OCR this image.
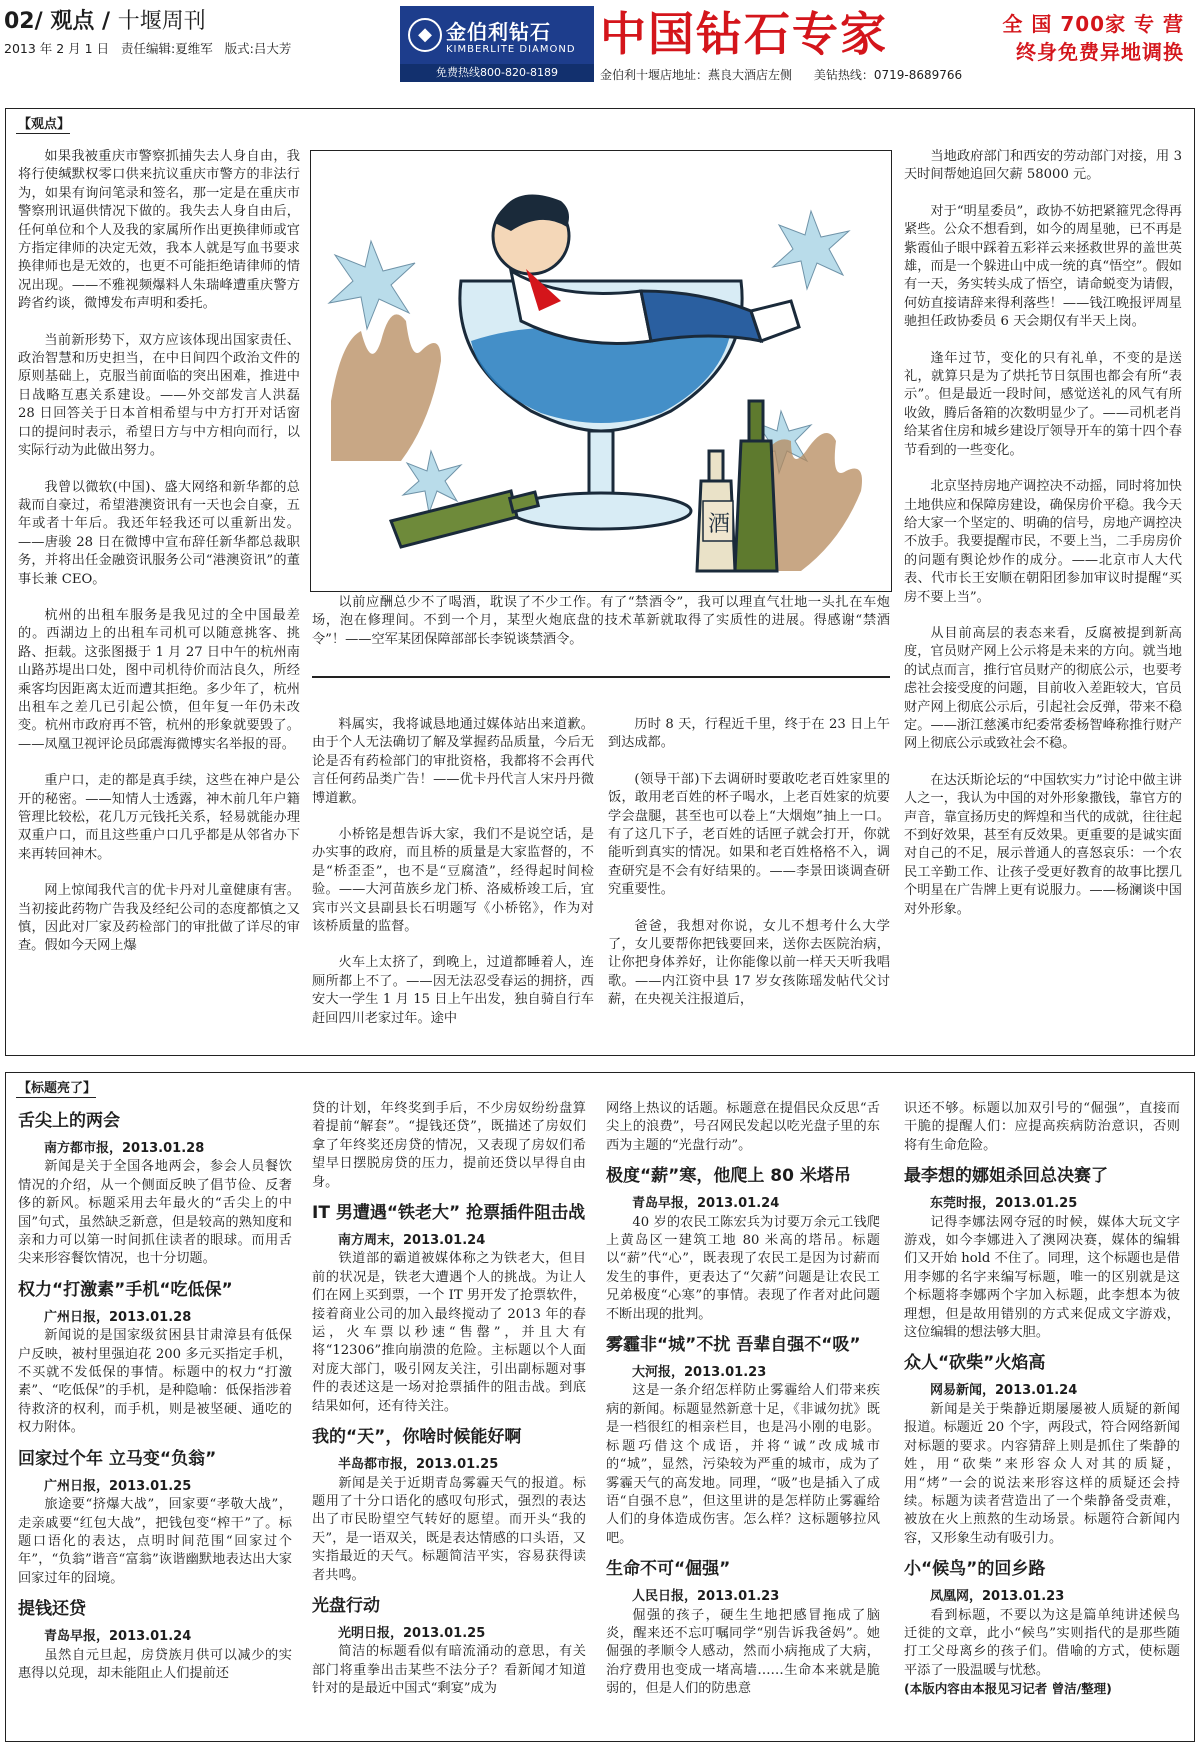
02/ 观点 / 十堰周刊
2013 年 2 月 1 日 责任编辑:夏维军 版式:吕大芳
◆ 金伯利钻石
KIMBERLITE DIAMOND
免费热线800-820-8189
中国钻石专家	全 国 700家 专 营
终身免费异地调换
金伯利十堰店地址：燕良大酒店左侧 美钻热线：0719-8689766
【观点】

如果我被重庆市警察抓捕失去人身自由，我将行使缄默权零口供来抗议重庆市警方的非法行为，如果有询问笔录和签名，那一定是在重庆市警察刑讯逼供情况下做的。我失去人身自由后，任何单位和个人及我的家属所作出更换律师或官方指定律师的决定无效，我本人就是写血书要求换律师也是无效的，也更不可能拒绝请律师的情况出现。——不雅视频爆料人朱瑞峰遭重庆警方跨省约谈，微博发布声明和委托。

当前新形势下，双方应该体现出国家责任、政治智慧和历史担当，在中日间四个政治文件的原则基础上，克服当前面临的突出困难，推进中日战略互惠关系建设。——外交部发言人洪磊 28 日回答关于日本首相希望与中方打开对话窗口的提问时表示，希望日方与中方相向而行，以实际行动为此做出努力。

我曾以微软(中国)、盛大网络和新华都的总裁而自豪过，希望港澳资讯有一天也会自豪，五年或者十年后。我还年轻我还可以重新出发。——唐骏 28 日在微博中宣布辞任新华都总裁职务，并将出任金融资讯服务公司“港澳资讯”的董事长兼 CEO。

杭州的出租车服务是我见过的全中国最差的。西湖边上的出租车司机可以随意挑客、挑路、拒载。这张图摄于 1 月 27 日中午的杭州南山路苏堤出口处，图中司机待价而沽良久，所经乘客均因距离太近而遭其拒绝。多少年了，杭州出租车之差几已引起公愤，但年复一年仍未改变。杭州市政府再不管，杭州的形象就要毁了。——凤凰卫视评论员邱震海微博实名举报的哥。

重户口，走的都是真手续，这些在神户是公开的秘密。——知情人士透露，神木前几年户籍管理比较松，花几万元钱托关系，轻易就能办理双重户口，而且这些重户口几乎都是从邻省办下来再转回神木。

网上惊闻我代言的优卡丹对儿童健康有害。当初接此药物广告我及经纪公司的态度都慎之又慎，因此对厂家及药检部门的审批做了详尽的审查。假如今天网上爆

酒
以前应酬总少不了喝酒，耽误了不少工作。有了“禁酒令”，我可以理直气壮地一头扎在车炮场，泡在修理间。不到一个月，某型火炮底盘的技术革新就取得了实质性的进展。得感谢“禁酒令”！——空军某团保障部部长李锐谈禁酒令。

料属实，我将诚恳地通过媒体站出来道歉。由于个人无法确切了解及掌握药品质量，今后无论是否有药检部门的审批资格，我都将不会再代言任何药品类广告！——优卡丹代言人宋丹丹微博道歉。

小桥铭是想告诉大家，我们不是说空话，是办实事的政府，而且桥的质量是大家监督的，不是“桥歪歪”，也不是“豆腐渣”，经得起时间检验。——大河苗族乡龙门桥、洛威桥竣工后，宜宾市兴文县副县长石明题写《小桥铭》，作为对该桥质量的监督。

火车上太挤了，到晚上，过道都睡着人，连厕所都上不了。——因无法忍受春运的拥挤，西安大一学生 1 月 15 日上午出发，独自骑自行车赶回四川老家过年。途中

历时 8 天，行程近千里，终于在 23 日上午到达成都。

(领导干部)下去调研时要敢吃老百姓家里的饭，敢用老百姓的杯子喝水，上老百姓家的炕要学会盘腿，甚至也可以卷上“大烟炮”抽上一口。有了这几下子，老百姓的话匣子就会打开，你就能听到真实的情况。如果和老百姓格格不入，调查研究是不会有好结果的。——李景田谈调查研究重要性。

爸爸，我想对你说，女儿不想考什么大学了，女儿要帮你把钱要回来，送你去医院治病，让你把身体养好，让你能像以前一样天天听我唱歌。——内江资中县 17 岁女孩陈瑶发帖代父讨薪，在央视关注报道后，

当地政府部门和西安的劳动部门对接，用 3 天时间帮她追回欠薪 58000 元。

对于“明星委员”，政协不妨把紧箍咒念得再紧些。公众不想看到，如今的周星驰，已不再是紫霞仙子眼中踩着五彩祥云来拯救世界的盖世英雄，而是一个躲进山中成一统的真“悟空”。假如有一天，务实转头成了悟空，请命蜕变为请假，何妨直接请辞来得利落些！——钱江晚报评周星驰担任政协委员 6 天会期仅有半天上岗。

逢年过节，变化的只有礼单，不变的是送礼，就算只是为了烘托节日氛围也都会有所“表示”。但是最近一段时间，感觉送礼的风气有所收敛，腾后备箱的次数明显少了。——司机老肖给某省住房和城乡建设厅领导开车的第十四个春节看到的一些变化。

北京坚持房地产调控决不动摇，同时将加快土地供应和保障房建设，确保房价平稳。我今天给大家一个坚定的、明确的信号，房地产调控决不放手。我要提醒市民，不要上当，二手房房价的问题有舆论炒作的成分。——北京市人大代表、代市长王安顺在朝阳团参加审议时提醒“买房不要上当”。

从目前高层的表态来看，反腐被提到新高度，官员财产网上公示将是未来的方向。就当地的试点而言，推行官员财产的彻底公示，也要考虑社会接受度的问题，目前收入差距较大，官员财产网上彻底公示后，引起社会反弹，带来不稳定。——浙江慈溪市纪委常委杨智峰称推行财产网上彻底公示或致社会不稳。

在达沃斯论坛的“中国软实力”讨论中做主讲人之一，我认为中国的对外形象撒钱，靠官方的声音，靠宣扬历史的辉煌和当代的成就，往往起不到好效果，甚至有反效果。更重要的是诚实面对自己的不足，展示普通人的喜怒哀乐：一个农民工辛勤工作、让孩子受更好教育的故事比摆几个明星在广告牌上更有说服力。——杨澜谈中国对外形象。

【标题亮了】
舌尖上的两会
南方都市报，2013.01.28

新闻是关于全国各地两会，参会人员餐饮情况的介绍，从一个侧面反映了倡节俭、反奢侈的新风。标题采用去年最火的“舌尖上的中国”句式，虽然缺乏新意，但是较高的熟知度和亲和力可以第一时间抓住读者的眼球。而用舌尖来形容餐饮情况，也十分切题。

权力“打激素”手机“吃低保”
广州日报，2013.01.28

新闻说的是国家级贫困县甘肃漳县有低保户反映，被村里强迫花 200 多元买指定手机，不买就不发低保的事情。标题中的权力“打激素”、“吃低保”的手机，是种隐喻：低保指涉着待救济的权利，而手机，则是被坚硬、通吃的权力附体。

回家过个年 立马变“负翁”
广州日报，2013.01.25

旅途要“挤爆大战”，回家要“孝敬大战”，走亲戚要“红包大战”，把钱包变“榨干”了。标题口语化的表达，点明时间范围“回家过个年”，“负翁”谐音“富翁”诙谐幽默地表达出大家回家过年的囧境。

提钱还贷
青岛早报，2013.01.24

虽然自元旦起，房贷族月供可以减少的实惠得以兑现，却未能阻止人们提前还

贷的计划，年终奖到手后，不少房奴纷纷盘算着提前“解套”。“提钱还贷”，既描述了房奴们拿了年终奖还房贷的情况，又表现了房奴们希望早日摆脱房贷的压力，提前还贷以早得自由身。

IT 男遭遇“铁老大” 抢票插件阻击战
南方周末，2013.01.24

铁道部的霸道被媒体称之为铁老大，但目前的状况是，铁老大遭遇个人的挑战。为让人们在网上买到票，一个 IT 男开发了抢票软件，接着商业公司的加入最终搅动了 2013 年的春运，火车票以秒速“售罄”，并且大有将“12306”推向崩溃的危险。主标题以个人面对庞大部门，吸引网友关注，引出副标题对事件的表述这是一场对抢票插件的阻击战。到底结果如何，还有待关注。

我的“天”，你啥时候能好啊
半岛都市报，2013.01.25

新闻是关于近期青岛雾霾天气的报道。标题用了十分口语化的感叹句形式，强烈的表达出了市民盼望空气转好的愿望。而开头“我的天”，是一语双关，既是表达情感的口头语，又实指最近的天气。标题简洁平实，容易获得读者共鸣。

光盘行动
光明日报，2013.01.25

简洁的标题看似有暗流涌动的意思，有关部门将重拳出击某些不法分子？看新闻才知道针对的是最近中国式“剩宴”成为

网络上热议的话题。标题意在提倡民众反思“舌尖上的浪费”，号召网民发起以吃光盘子里的东西为主题的“光盘行动”。

极度“薪”寒，他爬上 80 米塔吊
青岛早报，2013.01.24

40 岁的农民工陈宏兵为讨要万余元工钱爬上黄岛区一建筑工地 80 米高的塔吊。标题以“薪”代“心”，既表现了农民工是因为讨薪而发生的事件，更表达了“欠薪”问题是让农民工兄弟极度“心寒”的事情。表现了作者对此问题不断出现的批判。

雾霾非“城”不扰 吾辈自强不“吸”
大河报，2013.01.23

这是一条介绍怎样防止雾霾给人们带来疾病的新闻。标题显然新意十足，《非诚勿扰》既是一档很红的相亲栏目，也是冯小刚的电影。标题巧借这个成语，并将“诚”改成城市的“城”，显然，污染较为严重的城市，成为了雾霾天气的高发地。同理，“吸”也是插入了成语“自强不息”，但这里讲的是怎样防止雾霾给人们的身体造成伤害。怎么样？这标题够拉风吧。

生命不可“倔强”
人民日报，2013.01.23

倔强的孩子，硬生生地把感冒拖成了脑炎，醒来还不忘叮嘱同学“别告诉我爸妈”。她倔强的孝顺令人感动，然而小病拖成了大病，治疗费用也变成一堵高墙……生命本来就是脆弱的，但是人们的防患意

识还不够。标题以加双引号的“倔强”，直接而干脆的提醒人们：应提高疾病防治意识，否则将有生命危险。

最李想的娜姐杀回总决赛了
东莞时报，2013.01.25

记得李娜法网夺冠的时候，媒体大玩文字游戏，如今李娜进入了澳网决赛，媒体的编辑们又开始 hold 不住了。同理，这个标题也是借用李娜的名字来编写标题，唯一的区别就是这个标题将李娜两个字加入标题，此李想本为彼理想，但是故用错别的方式来促成文字游戏，这位编辑的想法够大胆。

众人“砍柴”火焰高
网易新闻，2013.01.24

新闻是关于柴静近期屡屡被人质疑的新闻报道。标题近 20 个字，两段式，符合网络新闻对标题的要求。内容猜辞上则是抓住了柴静的姓，用“砍柴”来形容众人对其的质疑，用“烤”一会的说法来形容这样的质疑还会持续。标题为读者营造出了一个柴静备受责难，被放在火上煎熬的生动场景。标题符合新闻内容，又形象生动有吸引力。

小“候鸟”的回乡路
凤凰网，2013.01.23

看到标题，不要以为这是篇单纯讲述候鸟迁徙的文章，此小“候鸟”实则指代的是那些随打工父母离乡的孩子们。借喻的方式，使标题平添了一股温暖与忧愁。

(本版内容由本报见习记者 曾洁/整理)
